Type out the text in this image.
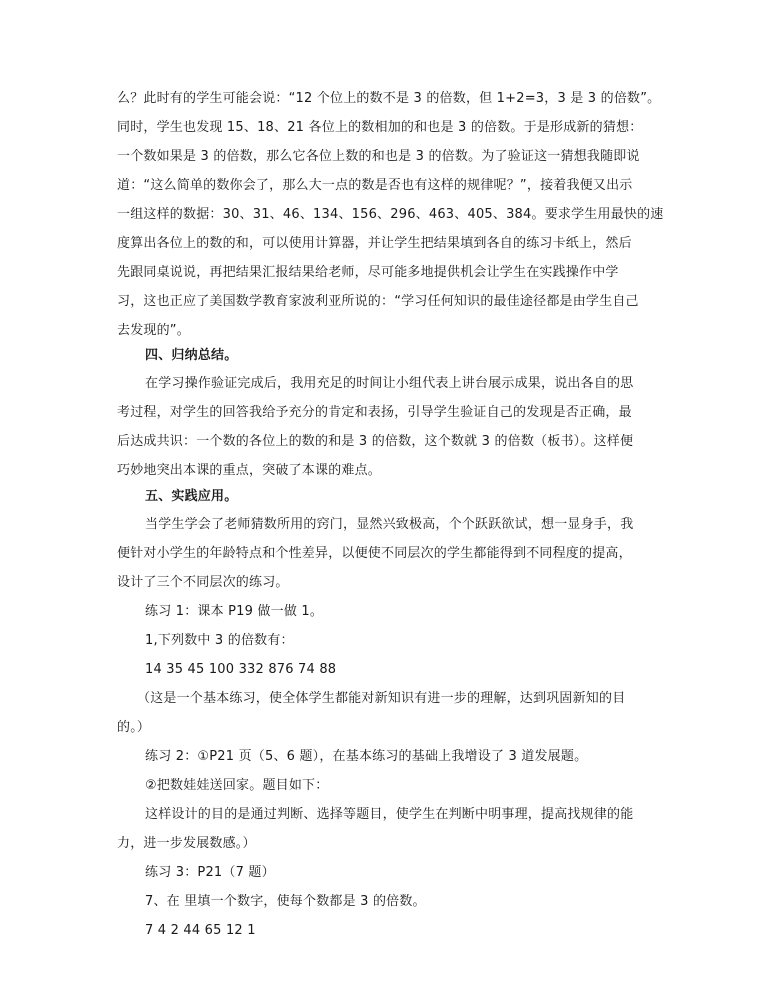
么？此时有的学生可能会说：“12 个位上的数不是 3 的倍数，但 1+2=3，3 是 3 的倍数”。
同时，学生也发现 15、18、21 各位上的数相加的和也是 3 的倍数。于是形成新的猜想：
一个数如果是 3 的倍数，那么它各位上数的和也是 3 的倍数。为了验证这一猜想我随即说
道：“这么简单的数你会了，那么大一点的数是否也有这样的规律呢？”，接着我便又出示
一组这样的数据：30、31、46、134、156、296、463、405、384。要求学生用最快的速
度算出各位上的数的和，可以使用计算器，并让学生把结果填到各自的练习卡纸上，然后
先跟同桌说说，再把结果汇报结果给老师，尽可能多地提供机会让学生在实践操作中学
习，这也正应了美国数学教育家波利亚所说的：“学习任何知识的最佳途径都是由学生自己
去发现的”。
四、归纳总结。
在学习操作验证完成后，我用充足的时间让小组代表上讲台展示成果，说出各自的思
考过程，对学生的回答我给予充分的肯定和表扬，引导学生验证自己的发现是否正确，最
后达成共识：一个数的各位上的数的和是 3 的倍数，这个数就 3 的倍数（板书）。这样便
巧妙地突出本课的重点，突破了本课的难点。
五、实践应用。
当学生学会了老师猜数所用的窍门，显然兴致极高，个个跃跃欲试，想一显身手，我
便针对小学生的年龄特点和个性差异，以便使不同层次的学生都能得到不同程度的提高，
设计了三个不同层次的练习。
练习 1：课本 P19 做一做 1。
1,下列数中 3 的倍数有：
14 35 45 100 332 876 74 88
（这是一个基本练习，使全体学生都能对新知识有进一步的理解，达到巩固新知的目
的。）
练习 2：①P21 页（5、6 题），在基本练习的基础上我增设了 3 道发展题。
②把数娃娃送回家。题目如下：
这样设计的目的是通过判断、选择等题目，使学生在判断中明事理，提高找规律的能
力，进一步发展数感。）
练习 3：P21（7 题）
7、在 里填一个数字，使每个数都是 3 的倍数。
7 4 2 44 65 12 1
